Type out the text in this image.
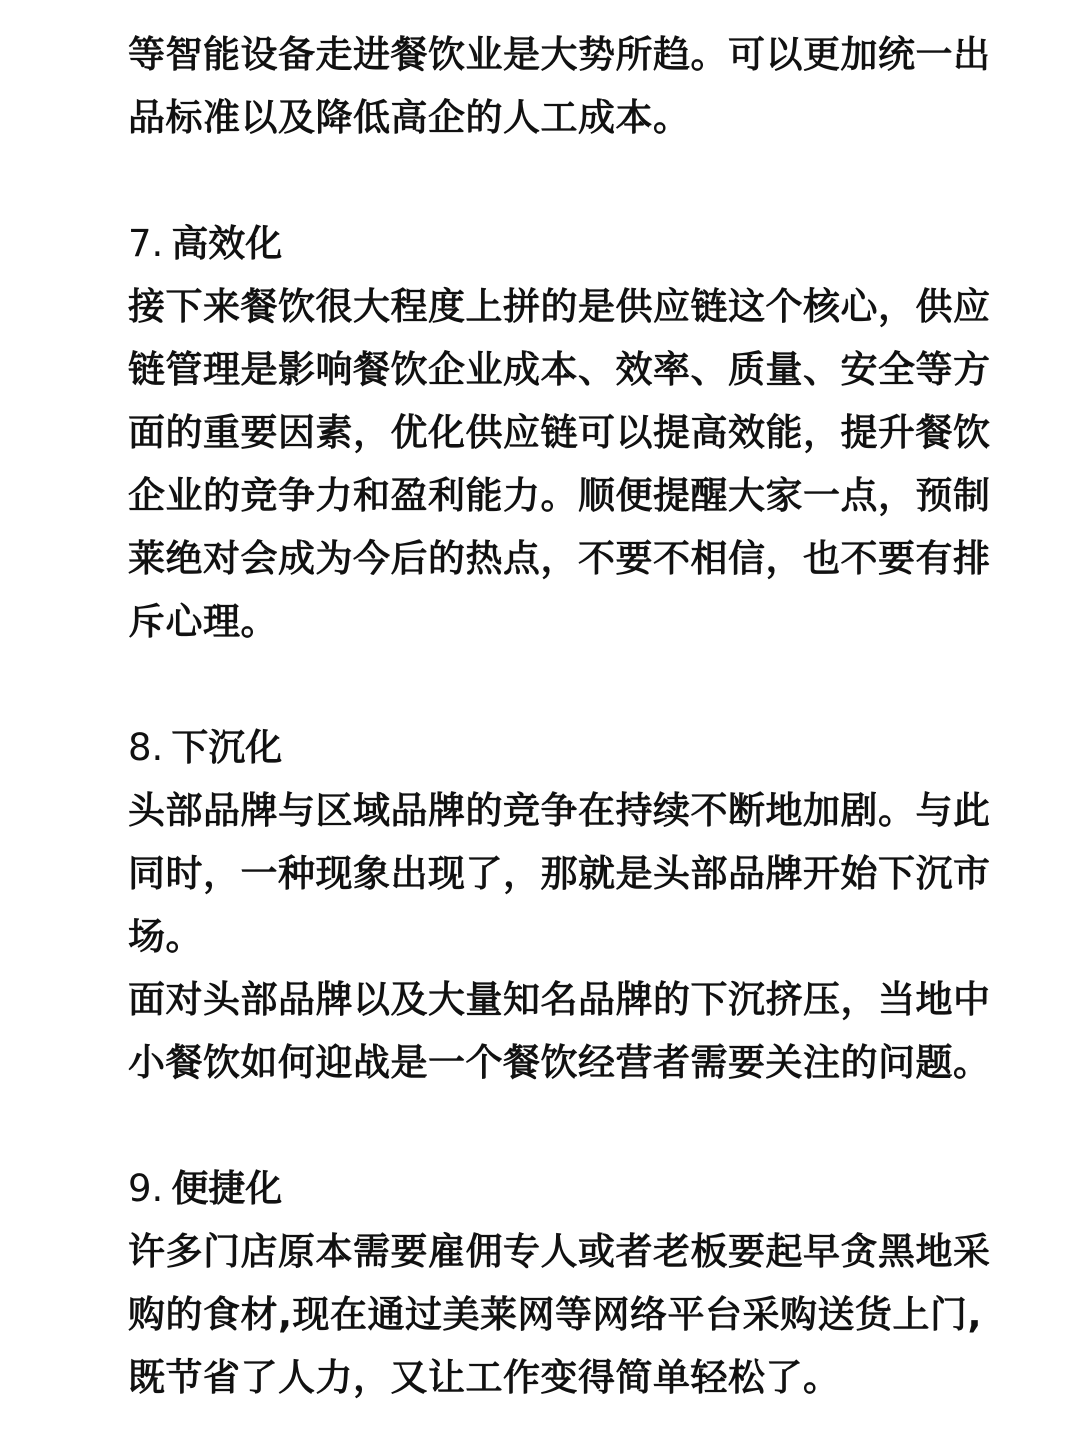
等智能设备走进餐饮业是大势所趋。可以更加统一出
品标准以及降低高企的人工成本。
7. 高效化
接下来餐饮很大程度上拼的是供应链这个核心，供应
链管理是影响餐饮企业成本、效率、质量、安全等方
面的重要因素，优化供应链可以提高效能，提升餐饮
企业的竞争力和盈利能力。顺便提醒大家一点，预制
莱绝对会成为今后的热点，不要不相信，也不要有排
斥心理。
8. 下沉化
头部品牌与区域品牌的竞争在持续不断地加剧。与此
同时，一种现象出现了，那就是头部品牌开始下沉市
场。
面对头部品牌以及大量知名品牌的下沉挤压，当地中
小餐饮如何迎战是一个餐饮经营者需要关注的问题。
9. 便捷化
许多门店原本需要雇佣专人或者老板要起早贪黑地采
购的食材,现在通过美莱网等网络平台采购送货上门,
既节省了人力，又让工作变得简单轻松了。
